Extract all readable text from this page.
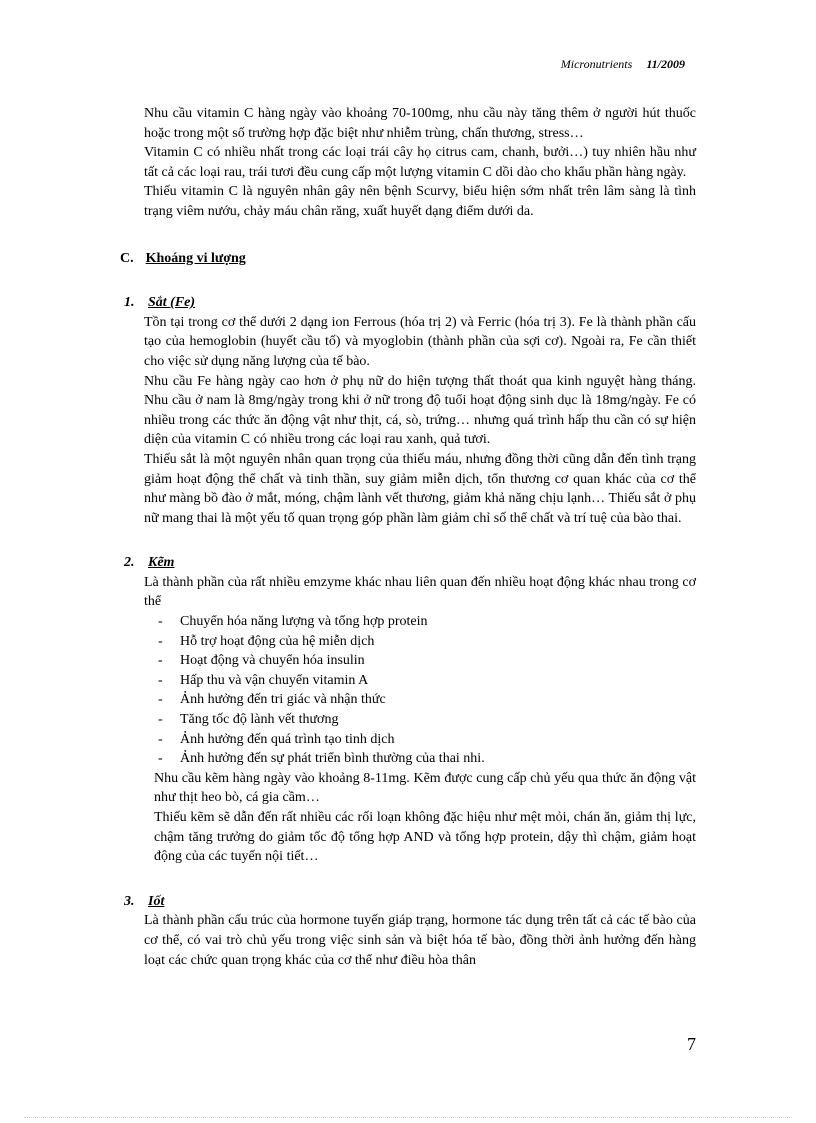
Micronutrients 11/2009

Nhu cầu vitamin C hàng ngày vào khoảng 70-100mg, nhu cầu này tăng thêm ở người hút thuốc hoặc trong một số trường hợp đặc biệt như nhiễm trùng, chấn thương, stress…

Vitamin C có nhiều nhất trong các loại trái cây họ citrus cam, chanh, bưởi…) tuy nhiên hầu như tất cả các loại rau, trái tươi đều cung cấp một lượng vitamin C dồi dào cho khẩu phần hàng ngày.

Thiếu vitamin C là nguyên nhân gây nên bệnh Scurvy, biểu hiện sớm nhất trên lâm sàng là tình trạng viêm nướu, chảy máu chân răng, xuất huyết dạng điểm dưới da.

C. Khoáng vi lượng
1. Sắt (Fe)

Tồn tại trong cơ thể dưới 2 dạng ion Ferrous (hóa trị 2) và Ferric (hóa trị 3). Fe là thành phần cấu tạo của hemoglobin (huyết cầu tố) và myoglobin (thành phần của sợi cơ). Ngoài ra, Fe cần thiết cho việc sử dụng năng lượng của tế bào.

Nhu cầu Fe hàng ngày cao hơn ở phụ nữ do hiện tượng thất thoát qua kinh nguyệt hàng tháng. Nhu cầu ở nam là 8mg/ngày trong khi ở nữ trong độ tuổi hoạt động sinh dục là 18mg/ngày. Fe có nhiều trong các thức ăn động vật như thịt, cá, sò, trứng… nhưng quá trình hấp thu cần có sự hiện diện của vitamin C có nhiều trong các loại rau xanh, quả tươi.

Thiếu sắt là một nguyên nhân quan trọng của thiếu máu, nhưng đồng thời cũng dẫn đến tình trạng giảm hoạt động thể chất và tinh thần, suy giảm miễn dịch, tổn thương cơ quan khác của cơ thể như màng bồ đào ở mắt, móng, chậm lành vết thương, giảm khả năng chịu lạnh… Thiếu sắt ở phụ nữ mang thai là một yếu tố quan trọng góp phần làm giảm chỉ số thể chất và trí tuệ của bào thai.

2. Kẽm

Là thành phần của rất nhiều emzyme khác nhau liên quan đến nhiều hoạt động khác nhau trong cơ thể

- Chuyển hóa năng lượng và tổng hợp protein
- Hỗ trợ hoạt động của hệ miễn dịch
- Hoạt động và chuyển hóa insulin
- Hấp thu và vận chuyển vitamin A
- Ảnh hưởng đến tri giác và nhận thức
- Tăng tốc độ lành vết thương
- Ảnh hưởng đến quá trình tạo tinh dịch
- Ảnh hưởng đến sự phát triển bình thường của thai nhi.

Nhu cầu kẽm hàng ngày vào khoảng 8-11mg. Kẽm được cung cấp chủ yếu qua thức ăn động vật như thịt heo bò, cá gia cầm…

Thiếu kẽm sẽ dẫn đến rất nhiều các rối loạn không đặc hiệu như mệt mỏi, chán ăn, giảm thị lực, chậm tăng trưởng do giảm tốc độ tổng hợp AND và tổng hợp protein, dậy thì chậm, giảm hoạt động của các tuyến nội tiết…

3. Iốt

Là thành phần cấu trúc của hormone tuyến giáp trạng, hormone tác dụng trên tất cả các tế bào của cơ thể, có vai trò chủ yếu trong việc sinh sản và biệt hóa tế bào, đồng thời ảnh hưởng đến hàng loạt các chức quan trọng khác của cơ thể như điều hòa thân

7
